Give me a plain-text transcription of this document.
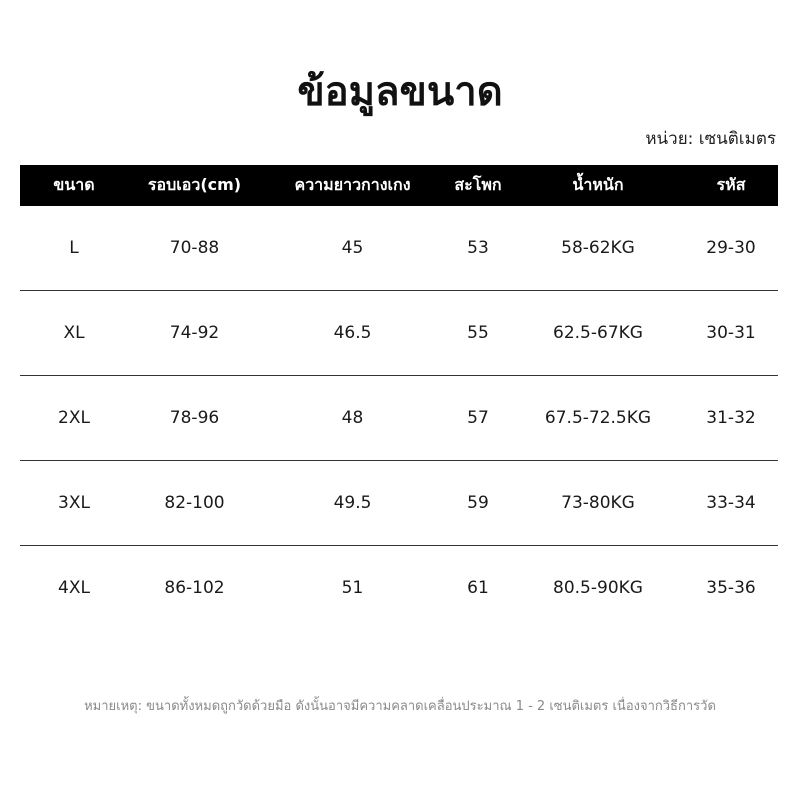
ข้อมูลขนาด
หน่วย: เซนติเมตร
ขนาด	รอบเอว(cm)	ความยาวกางเกง	สะโพก	น้ำหนัก	รหัส
L	70-88	45	53	58-62KG	29-30
XL	74-92	46.5	55	62.5-67KG	30-31
2XL	78-96	48	57	67.5-72.5KG	31-32
3XL	82-100	49.5	59	73-80KG	33-34
4XL	86-102	51	61	80.5-90KG	35-36
หมายเหตุ: ขนาดทั้งหมดถูกวัดด้วยมือ ดังนั้นอาจมีความคลาดเคลื่อนประมาณ 1 - 2 เซนติเมตร เนื่องจากวิธีการวัด
